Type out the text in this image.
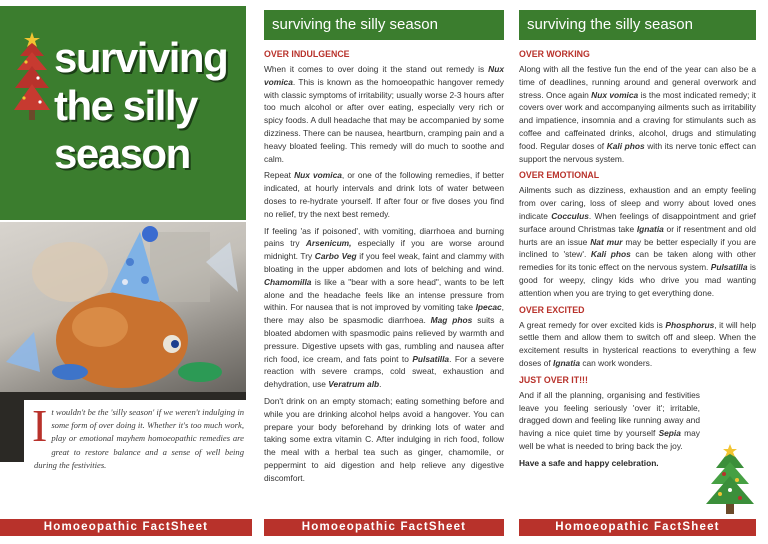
surviving
the silly
season
I t wouldn't be the 'silly season' if we weren't indulging in some form of over doing it. Whether it's too much work, play or emotional mayhem homoeopathic remedies are great to restore balance and a sense of well being during the festivities.

Homoeopathic FactSheet
surviving the silly season
OVER INDULGENCE

When it comes to over doing it the stand out remedy is Nux vomica. This is known as the homoeopathic hangover remedy with classic symptoms of irritability; usually worse 2-3 hours after too much alcohol or after over eating, especially very rich or spicy foods. A dull headache that may be accompanied by some dizziness. There can be nausea, heartburn, cramping pain and a heavy bloated feeling. This remedy will do much to soothe and calm.

Repeat Nux vomica, or one of the following remedies, if better indicated, at hourly intervals and drink lots of water between doses to re-hydrate yourself. If after four or five doses you find no relief, try the next best remedy.

If feeling 'as if poisoned', with vomiting, diarrhoea and burning pains try Arsenicum, especially if you are worse around midnight. Try Carbo Veg if you feel weak, faint and clammy with bloating in the upper abdomen and lots of belching and wind. Chamomilla is like a "bear with a sore head", wants to be left alone and the headache feels like an intense pressure from within. For nausea that is not improved by vomiting take Ipecac, there may also be spasmodic diarrhoea. Mag phos suits a bloated abdomen with spasmodic pains relieved by warmth and pressure. Digestive upsets with gas, rumbling and nausea after rich food, ice cream, and fats point to Pulsatilla. For a severe reaction with severe cramps, cold sweat, exhaustion and dehydration, use Veratrum alb.

Don't drink on an empty stomach; eating something before and while you are drinking alcohol helps avoid a hangover. You can prepare your body beforehand by drinking lots of water and taking some extra vitamin C. After indulging in rich food, follow the meal with a herbal tea such as ginger, chamomile, or peppermint to aid digestion and help relieve any digestive discomfort.

Homoeopathic FactSheet
surviving the silly season
OVER WORKING

Along with all the festive fun the end of the year can also be a time of deadlines, running around and general overwork and stress. Once again Nux vomica is the most indicated remedy; it covers over work and accompanying ailments such as irritability and impatience, insomnia and a craving for stimulants such as coffee and caffeinated drinks, alcohol, drugs and stimulating food. Regular doses of Kali phos with its nerve tonic effect can support the nervous system.

OVER EMOTIONAL

Ailments such as dizziness, exhaustion and an empty feeling from over caring, loss of sleep and worry about loved ones indicate Cocculus. When feelings of disappointment and grief surface around Christmas take Ignatia or if resentment and old hurts are an issue Nat mur may be better especially if you are inclined to 'stew'. Kali phos can be taken along with other remedies for its tonic effect on the nervous system. Pulsatilla is good for weepy, clingy kids who drive you mad wanting attention when you are trying to get everything done.

OVER EXCITED

A great remedy for over excited kids is Phosphorus, it will help settle them and allow them to switch off and sleep. When the excitement results in hysterical reactions to everything a few doses of Ignatia can work wonders.

JUST OVER IT!!!

And if all the planning, organising and festivities leave you feeling seriously 'over it'; irritable, dragged down and feeling like running away and having a nice quiet time by yourself Sepia may well be what is needed to bring back the joy.

Have a safe and happy celebration.

Homoeopathic FactSheet
